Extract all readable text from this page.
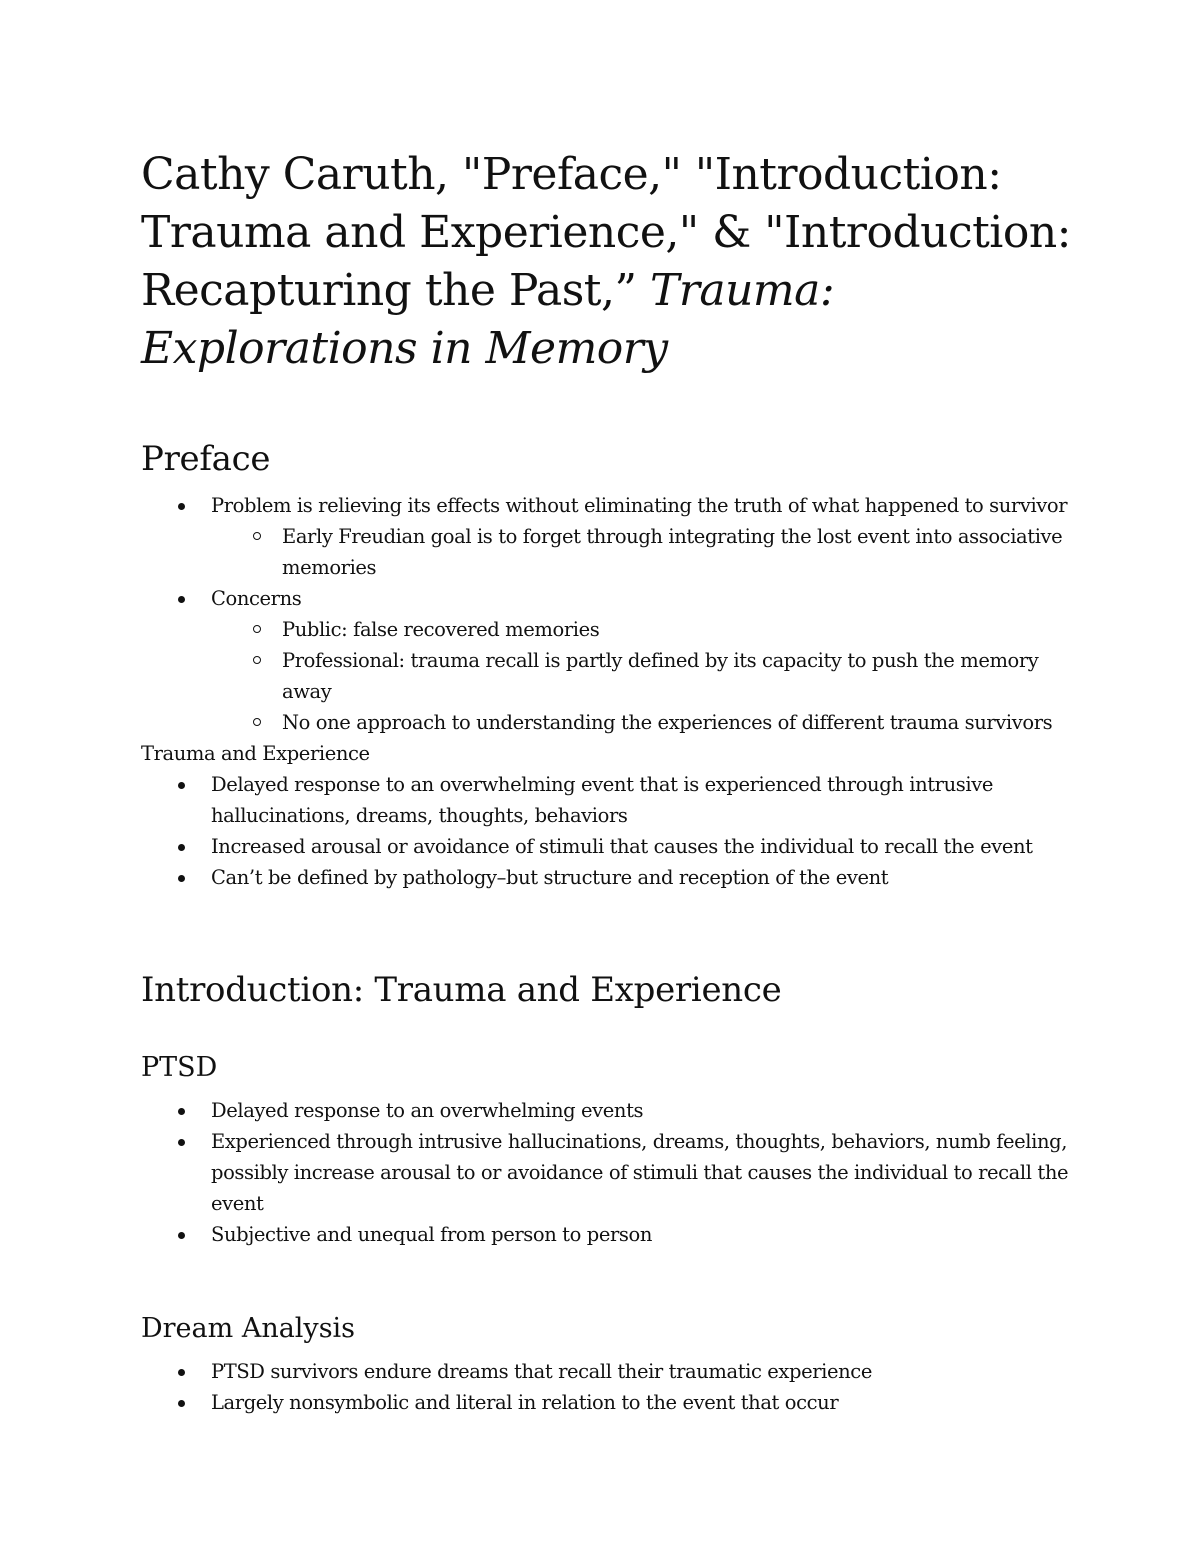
Cathy Caruth, "Preface," "Introduction:
Trauma and Experience," & "Introduction:
Recapturing the Past,” Trauma:
Explorations in Memory
Preface
Problem is relieving its effects without eliminating the truth of what happened to survivor
Early Freudian goal is to forget through integrating the lost event into associative memories
Concerns
Public: false recovered memories
Professional: trauma recall is partly defined by its capacity to push the memory away
No one approach to understanding the experiences of different trauma survivors

Trauma and Experience

Delayed response to an overwhelming event that is experienced through intrusive hallucinations, dreams, thoughts, behaviors
Increased arousal or avoidance of stimuli that causes the individual to recall the event
Can’t be defined by pathology–but structure and reception of the event
Introduction: Trauma and Experience
PTSD
Delayed response to an overwhelming events
Experienced through intrusive hallucinations, dreams, thoughts, behaviors, numb feeling, possibly increase arousal to or avoidance of stimuli that causes the individual to recall the event
Subjective and unequal from person to person
Dream Analysis
PTSD survivors endure dreams that recall their traumatic experience
Largely nonsymbolic and literal in relation to the event that occur
